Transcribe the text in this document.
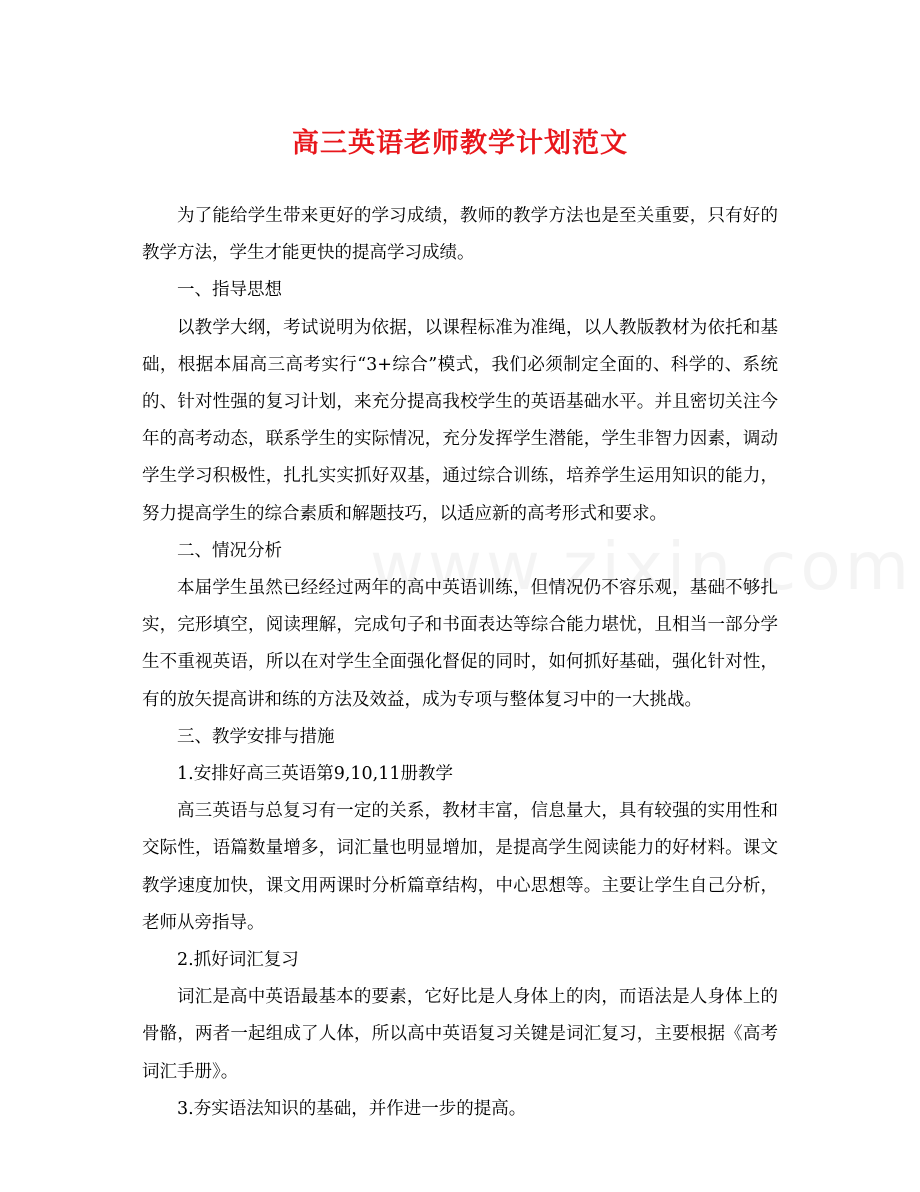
高三英语老师教学计划范文

为了能给学生带来更好的学习成绩，教师的教学方法也是至关重要，只有好的教学方法，学生才能更快的提高学习成绩。

一、指导思想

以教学大纲，考试说明为依据，以课程标准为准绳，以人教版教材为依托和基础，根据本届高三高考实行“3+综合”模式，我们必须制定全面的、科学的、系统的、针对性强的复习计划，来充分提高我校学生的英语基础水平。并且密切关注今年的高考动态，联系学生的实际情况，充分发挥学生潜能，学生非智力因素，调动学生学习积极性，扎扎实实抓好双基，通过综合训练，培养学生运用知识的能力，努力提高学生的综合素质和解题技巧，以适应新的高考形式和要求。

二、情况分析

本届学生虽然已经经过两年的高中英语训练，但情况仍不容乐观，基础不够扎实，完形填空，阅读理解，完成句子和书面表达等综合能力堪忧，且相当一部分学生不重视英语，所以在对学生全面强化督促的同时，如何抓好基础，强化针对性，有的放矢提高讲和练的方法及效益，成为专项与整体复习中的一大挑战。

三、教学安排与措施

1.安排好高三英语第9,10,11册教学

高三英语与总复习有一定的关系，教材丰富，信息量大，具有较强的实用性和交际性，语篇数量增多，词汇量也明显增加，是提高学生阅读能力的好材料。课文教学速度加快，课文用两课时分析篇章结构，中心思想等。主要让学生自己分析，老师从旁指导。

2.抓好词汇复习

词汇是高中英语最基本的要素，它好比是人身体上的肉，而语法是人身体上的骨骼，两者一起组成了人体，所以高中英语复习关键是词汇复习，主要根据《高考词汇手册》。

3.夯实语法知识的基础，并作进一步的提高。
